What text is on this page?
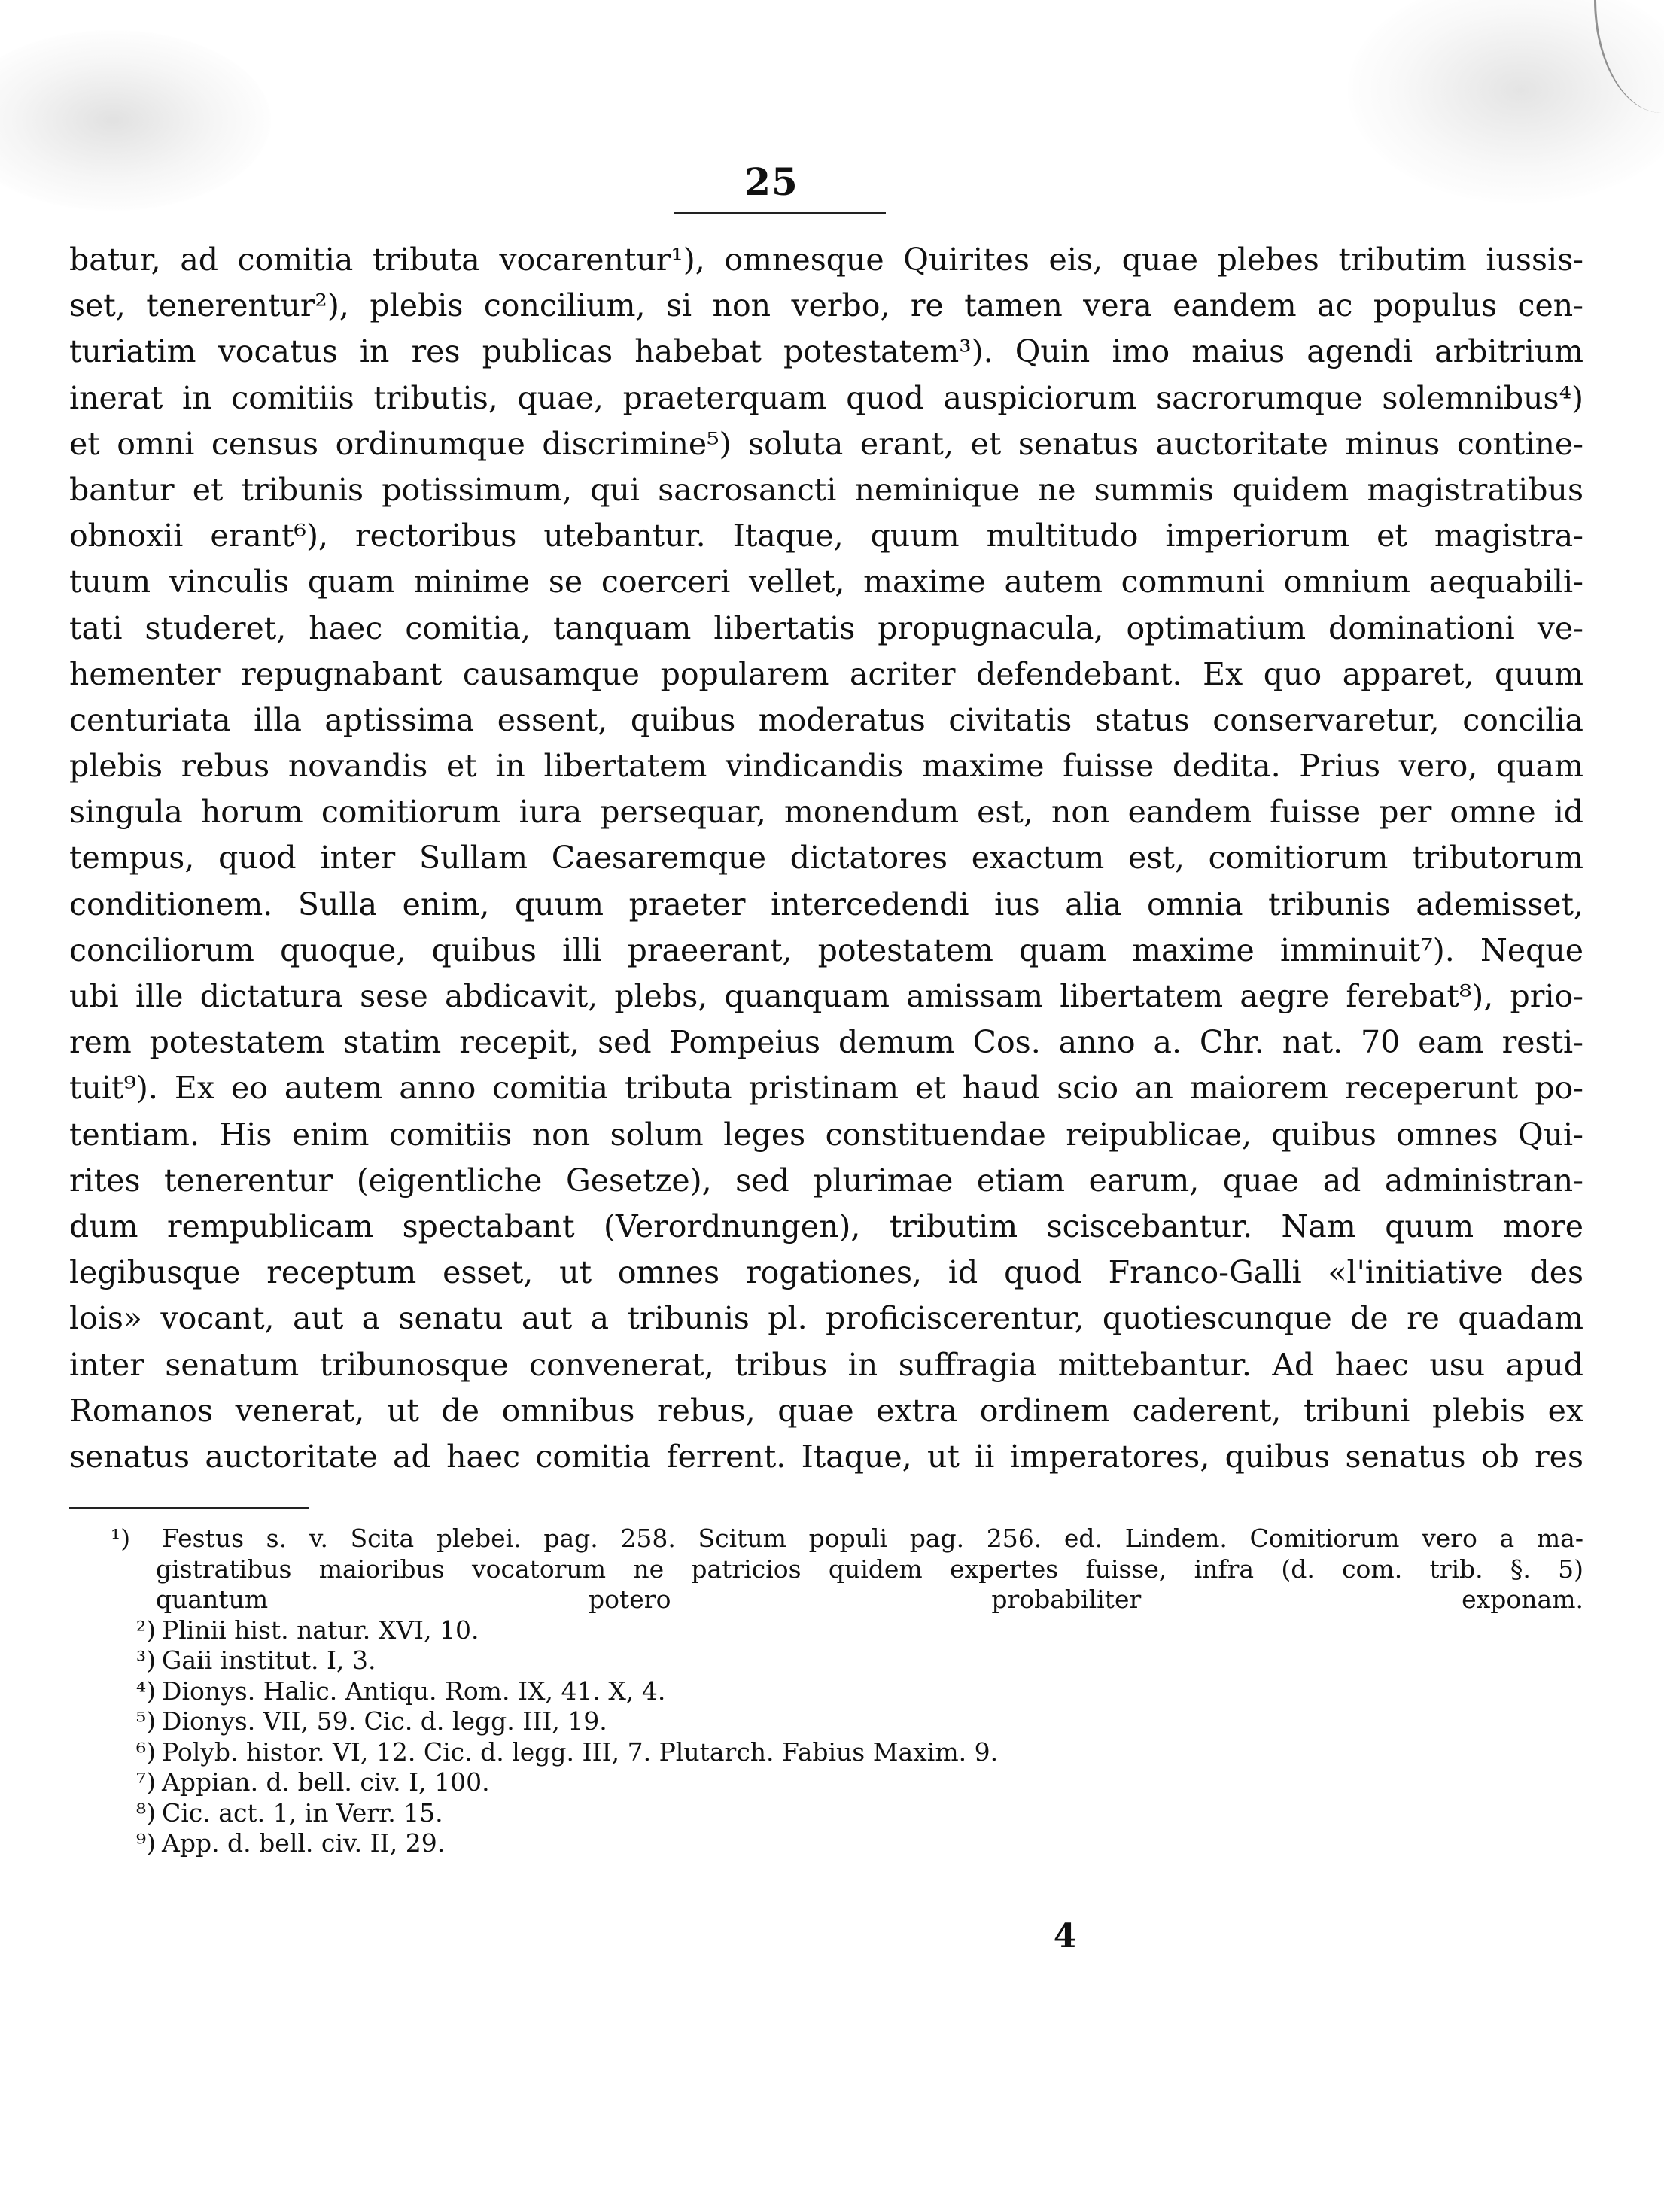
25
batur, ad comitia tributa vocarentur¹), omnesque Quirites eis, quae plebes tributim iussis-
set, tenerentur²), plebis concilium, si non verbo, re tamen vera eandem ac populus cen-
turiatim vocatus in res publicas habebat potestatem³). Quin imo maius agendi arbitrium
inerat in comitiis tributis, quae, praeterquam quod auspiciorum sacrorumque solemnibus⁴)
et omni census ordinumque discrimine⁵) soluta erant, et senatus auctoritate minus contine-
bantur et tribunis potissimum, qui sacrosancti neminique ne summis quidem magistratibus
obnoxii erant⁶), rectoribus utebantur. Itaque, quum multitudo imperiorum et magistra-
tuum vinculis quam minime se coerceri vellet, maxime autem communi omnium aequabili-
tati studeret, haec comitia, tanquam libertatis propugnacula, optimatium dominationi ve-
hementer repugnabant causamque popularem acriter defendebant. Ex quo apparet, quum
centuriata illa aptissima essent, quibus moderatus civitatis status conservaretur, concilia
plebis rebus novandis et in libertatem vindicandis maxime fuisse dedita. Prius vero, quam
singula horum comitiorum iura persequar, monendum est, non eandem fuisse per omne id
tempus, quod inter Sullam Caesaremque dictatores exactum est, comitiorum tributorum
conditionem. Sulla enim, quum praeter intercedendi ius alia omnia tribunis ademisset,
conciliorum quoque, quibus illi praeerant, potestatem quam maxime imminuit⁷). Neque
ubi ille dictatura sese abdicavit, plebs, quanquam amissam libertatem aegre ferebat⁸), prio-
rem potestatem statim recepit, sed Pompeius demum Cos. anno a. Chr. nat. 70 eam resti-
tuit⁹). Ex eo autem anno comitia tributa pristinam et haud scio an maiorem receperunt po-
tentiam. His enim comitiis non solum leges constituendae reipublicae, quibus omnes Qui-
rites tenerentur (eigentliche Gesetze), sed plurimae etiam earum, quae ad administran-
dum rempublicam spectabant (Verordnungen), tributim sciscebantur. Nam quum more
legibusque receptum esset, ut omnes rogationes, id quod Franco-Galli «l'initiative des
lois» vocant, aut a senatu aut a tribunis pl. proficiscerentur, quotiescunque de re quadam
inter senatum tribunosque convenerat, tribus in suffragia mittebantur. Ad haec usu apud
Romanos venerat, ut de omnibus rebus, quae extra ordinem caderent, tribuni plebis ex
senatus auctoritate ad haec comitia ferrent. Itaque, ut ii imperatores, quibus senatus ob res
¹) Festus s. v. Scita plebei. pag. 258. Scitum populi pag. 256. ed. Lindem. Comitiorum vero a ma-
gistratibus maioribus vocatorum ne patricios quidem expertes fuisse, infra (d. com. trib. §. 5)
quantum potero probabiliter exponam.
²) Plinii hist. natur. XVI, 10.
³) Gaii institut. I, 3.
⁴) Dionys. Halic. Antiqu. Rom. IX, 41. X, 4.
⁵) Dionys. VII, 59. Cic. d. legg. III, 19.
⁶) Polyb. histor. VI, 12. Cic. d. legg. III, 7. Plutarch. Fabius Maxim. 9.
⁷) Appian. d. bell. civ. I, 100.
⁸) Cic. act. 1, in Verr. 15.
⁹) App. d. bell. civ. II, 29.
4
